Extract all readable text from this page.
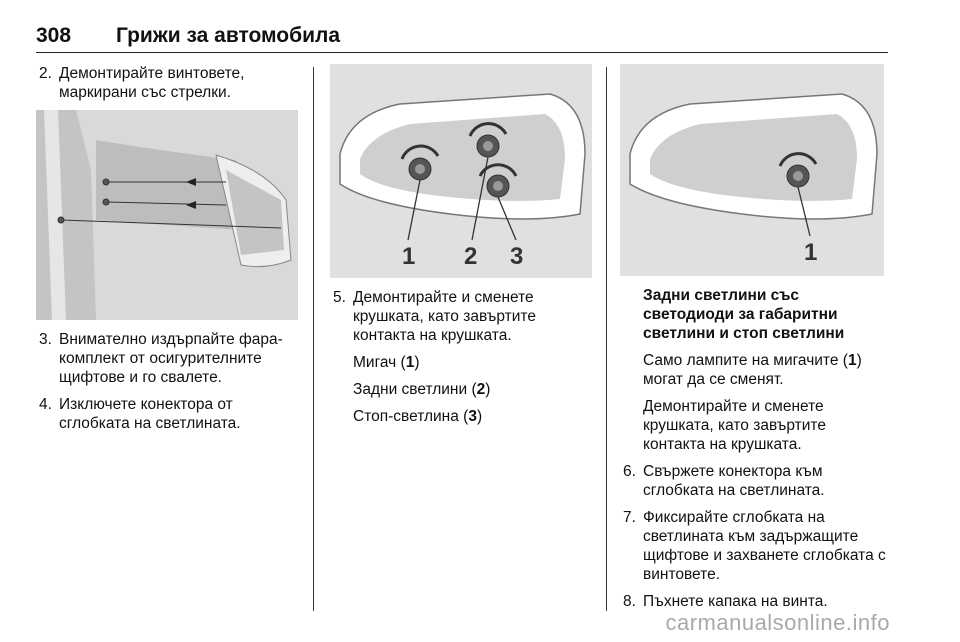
308 Грижи за автомобила
2. Демонтирайте винтовете, маркирани със стрелки.
3. Внимателно издърпайте фара-комплект от осигурителните щифтове и го свалете.
4. Изключете конектора от сглобката на светлината.
1 2 3
5. Демонтирайте и сменете крушката, като завъртите контакта на крушката.
Мигач (1)
Задни светлини (2)
Стоп-светлина (3)
1
Задни светлини със светодиоди за габаритни светлини и стоп светлини
Само лампите на мигачите (1) могат да се сменят.
Демонтирайте и сменете крушката, като завъртите контакта на крушката.
6. Свържете конектора към сглобката на светлината.
7. Фиксирайте сглобката на светлината към задържащите щифтове и захванете сглобката с винтовете.
8. Пъхнете капака на винта.
carmanualsonline.info
